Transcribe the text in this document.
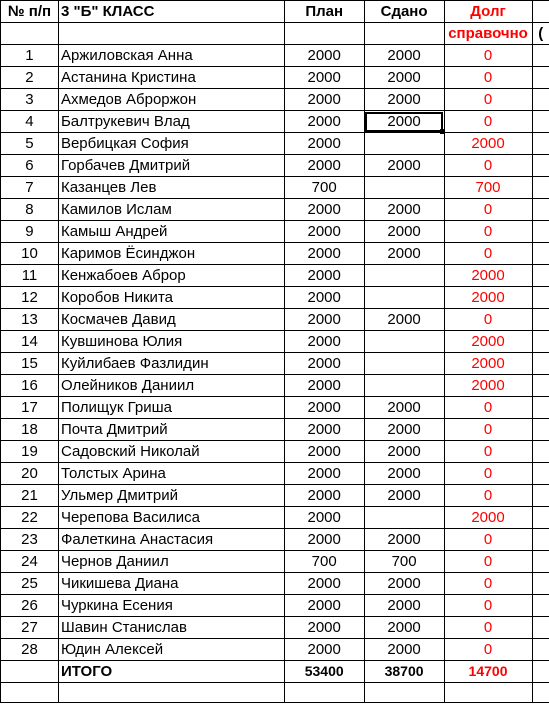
№ п/п	3 "Б" КЛАСС	План	Сдано	Долг	
				справочно	(
1	Аржиловская Анна	2000	2000	0	
2	Астанина Кристина	2000	2000	0	
3	Ахмедов Аброржон	2000	2000	0	
4	Балтрукевич Влад	2000	2000	0	
5	Вербицкая София	2000		2000	
6	Горбачев Дмитрий	2000	2000	0	
7	Казанцев Лев	700		700	
8	Камилов Ислам	2000	2000	0	
9	Камыш Андрей	2000	2000	0	
10	Каримов Ёсинджон	2000	2000	0	
11	Кенжабоев Аброр	2000		2000	
12	Коробов Никита	2000		2000	
13	Космачев Давид	2000	2000	0	
14	Кувшинова Юлия	2000		2000	
15	Куйлибаев Фазлидин	2000		2000	
16	Олейников Даниил	2000		2000	
17	Полищук Гриша	2000	2000	0	
18	Почта Дмитрий	2000	2000	0	
19	Садовский Николай	2000	2000	0	
20	Толстых Арина	2000	2000	0	
21	Ульмер Дмитрий	2000	2000	0	
22	Черепова Василиса	2000		2000	
23	Фалеткина Анастасия	2000	2000	0	
24	Чернов Даниил	700	700	0	
25	Чикишева Диана	2000	2000	0	
26	Чуркина Есения	2000	2000	0	
27	Шавин Станислав	2000	2000	0	
28	Юдин Алексей	2000	2000	0	
	ИТОГО	53400	38700	14700	
